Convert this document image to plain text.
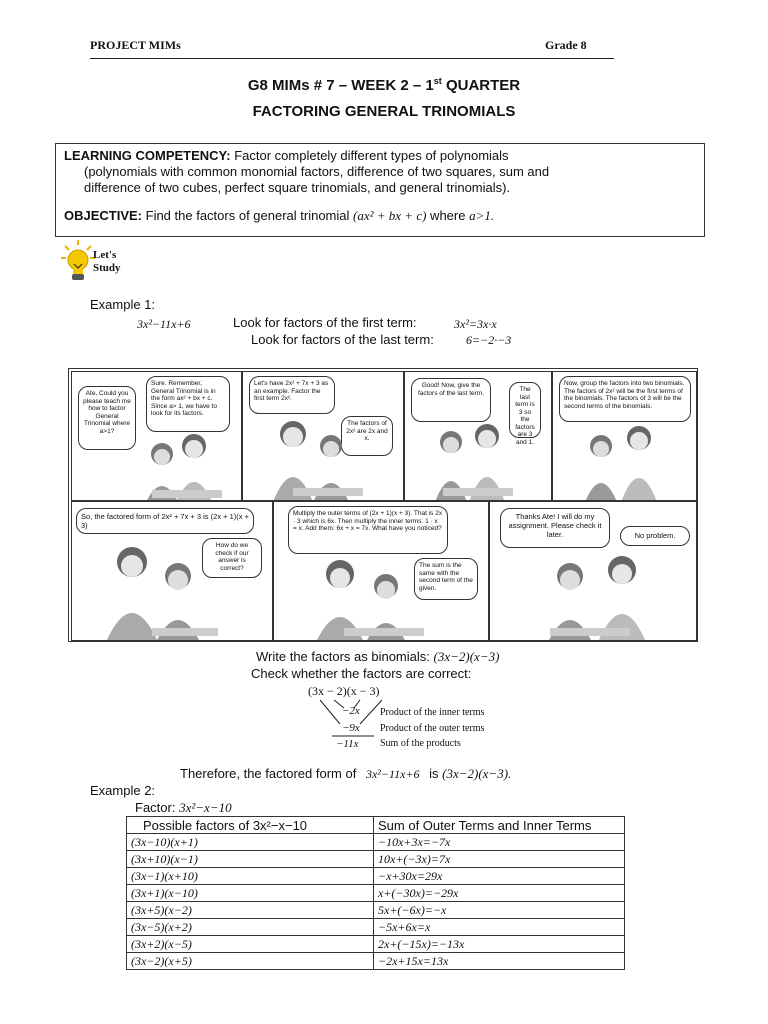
PROJECT MIMs	Grade 8
G8 MIMs # 7 – WEEK 2 – 1st QUARTER
FACTORING GENERAL TRINOMIALS
LEARNING COMPETENCY: Factor completely different types of polynomials
(polynomials with common monomial factors, difference of two squares, sum and
difference of two cubes, perfect square trinomials, and general trinomials).
OBJECTIVE: Find the factors of general trinomial (ax² + bx + c) where a>1.
Let's
Study
Example 1:
3x²−11x+6	Look for factors of the first term:	3x²=3x·x
Look for factors of the last term:	6=−2·−3
Ate, Could you please teach me how to factor General Trinomial where a>1?
Sure. Remember, General Trinomial is in the form ax² + bx + c. Since a> 1, we have to look for its factors.
Let's have 2x² + 7x + 3 as an example. Factor the first term 2x².
The factors of 2x² are 2x and x.
Good! Now, give the factors of the last term.	The last term is 3 so the factors are 3 and 1.
Now, group the factors into two binomials. The factors of 2x² will be the first terms of the binomials. The factors of 3 will be the second terms of the binomials.
So, the factored form of 2x² + 7x + 3 is (2x + 1)(x + 3)
How do we check if our answer is correct?
Multiply the outer terms of (2x + 1)(x + 3). That is 2x · 3 which is 6x. Then multiply the inner terms: 1 · x = x. Add them: 6x + x = 7x. What have you noticed?
The sum is the same with the second term of the given.
Thanks Ate! I will do my assignment. Please check it later.	No problem.
Write the factors as binomials: (3x−2)(x−3)
Check whether the factors are correct:
(3x − 2)(x − 3)
−2x
−9x
−11x
Product of the inner terms
Product of the outer terms
Sum of the products
Therefore, the factored form of 3x²−11x+6 is (3x−2)(x−3).
Example 2:
Factor: 3x²−x−10
Possible factors of 3x²−x−10	Sum of Outer Terms and Inner Terms
(3x−10)(x+1)	−10x+3x=−7x
(3x+10)(x−1)	10x+(−3x)=7x
(3x−1)(x+10)	−x+30x=29x
(3x+1)(x−10)	x+(−30x)=−29x
(3x+5)(x−2)	5x+(−6x)=−x
(3x−5)(x+2)	−5x+6x=x
(3x+2)(x−5)	2x+(−15x)=−13x
(3x−2)(x+5)	−2x+15x=13x
